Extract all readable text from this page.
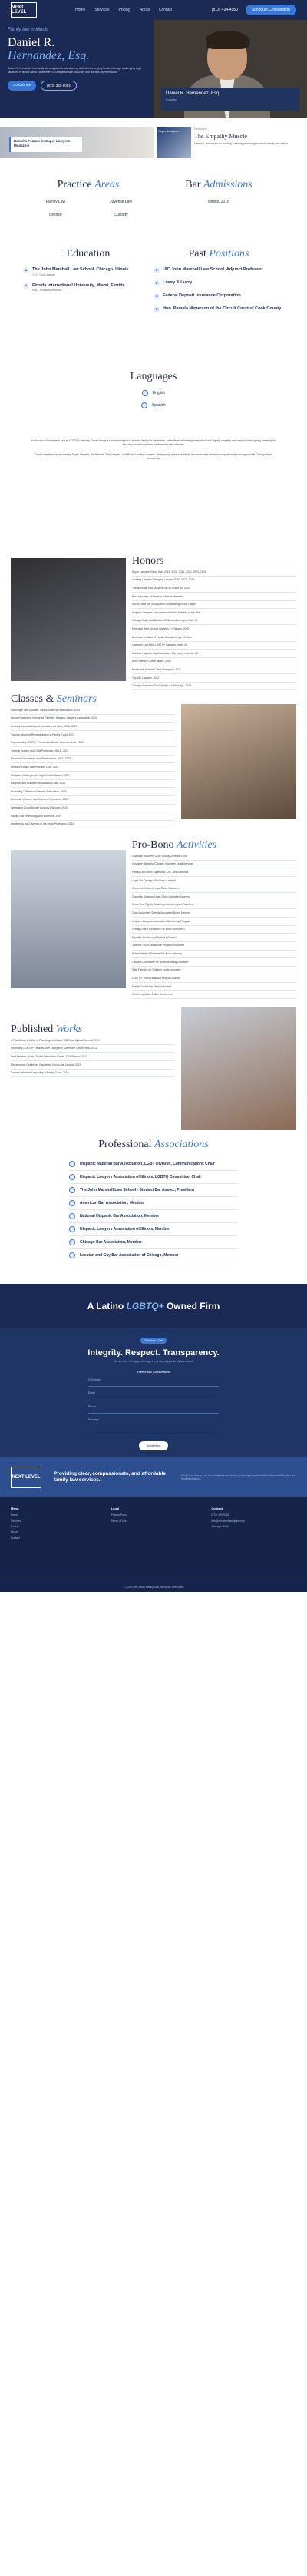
NEXT LEVEL
Home Services Pricing About Contact	(813) 424-4950	Schedule Consultation
Family law in Illinois
Daniel R.
Hernandez, Esq.
Daniel R. Hernandez is a family law and juvenile law attorney dedicated to helping families through challenging legal situations in Illinois with a commitment to compassionate advocacy and fearless representation.
Contact Me	(872) 320-0092
Daniel R. Hernandez, Esq.
Founder
Daniel's Feature in Super Lawyers Magazine
Super Lawyers	Publication
The Empathy Muscle
Daniel R. Hernandez on building a thriving practice grounded in family first values
Practice Areas
Family Law	Juvenile Law
Divorce	Custody
Bar Admissions
Illinois, 2016
Education
▲ The John Marshall Law School, Chicago, Illinois
J.D., Cum Laude
▲ Florida International University, Miami, Florida
B.A., Political Science
Past Positions
■	UIC John Marshall Law School, Adjunct Professor
■	Lowry & Lucry
■	Federal Deposit Insurance Corporation
■	Hon. Pamela Meyerson of the Circuit Court of Cook County
Languages
English
Spanish

As the son of immigrants and an LGBTQ+ attorney, Daniel brings a unique perspective to every family he represents. He believes in treating every client with dignity, empathy and respect while fighting tirelessly for the best possible outcome for them and their children.

Daniel has been recognized by Super Lawyers, the National Trial Lawyers, and Illinois Leading Lawyers. He regularly speaks on family law issues and mentors young attorneys throughout the Chicago legal community.

Honors
Super Lawyers Rising Star, 2019, 2020, 2021, 2022, 2023, 2024
Leading Lawyers Emerging Lawyer, 2020, 2021, 2022
The National Trial Lawyers Top 40 Under 40, 2021
Best Attorneys of America, Lifetime Member
Illinois State Bar Association Outstanding Young Lawyer
Hispanic Lawyers Association of Illinois Member of the Year
Chicago Daily Law Bulletin 40 Illinois Attorneys Under 40
Expertise Best Divorce Lawyers in Chicago, 2022
American Institute of Family Law Attorneys, 10 Best
Lavender Law Best LGBTQ+ Lawyers Under 40
National Hispanic Bar Association Top Lawyers Under 40
Avvo Clients' Choice Award, 2020
Martindale-Hubbell Client Champion, 2021
Top 100 Lawyers, 2022
Chicago Magazine Top Family Law Attorneys, 2023
Classes & Seminars
Parentage Law Updates, Illinois State Bar Association, 2019
Divorce Basics for Immigrant Families, Hispanic Lawyers Association, 2020
Custody Evaluations and Guardians ad Litem, CBA, 2020
Trauma Informed Representation in Family Court, 2021
Representing LGBTQ+ Families in Illinois, Lavender Law, 2021
Juvenile Justice and Child Protection, JMLS, 2021
Financial Disclosures and Maintenance, ISBA, 2022
Ethics in Family Law Practice, CBA, 2022
Mediation Strategies for High Conflict Cases, 2022
Adoption and Assisted Reproduction Law, 2023
Protecting Children in Parental Relocation, 2023
Domestic Violence and Orders of Protection, 2023
Navigating Cross Border Custody Disputes, 2024
Family Law Technology and Evidence, 2024
Leadership and Diversity in the Legal Profession, 2024
Pro-Bono Activities
Guardian ad Litem, Cook County Juvenile Court
Volunteer Attorney, Chicago Volunteer Legal Services
Family Law Clinic Supervisor, UIC John Marshall
Legal Aid Chicago, Pro Bono Counsel
Center on Halsted Legal Clinic Volunteer
Domestic Violence Legal Clinic Volunteer Attorney
Know Your Rights Workshops for Immigrant Families
Court Appointed Special Advocates Board Member
Hispanic Lawyers Association Mentorship Program
Chicago Bar Foundation Pro Bono Honor Roll
Equality Illinois Legal Advisory Council
Juvenile Court Assistance Program Volunteer
Kids in Need of Defense Pro Bono Attorney
Lawyers Committee for Better Housing Volunteer
Safe Families for Children Legal Volunteer
LGBTQ+ Youth Legal Aid Project Counsel
Family Court Help Desk Volunteer
Illinois Legal Aid Online Contributor
Published Works
A Practitioner's Guide to Parentage in Illinois, ISBA Family Law Journal, 2020
Protecting LGBTQ+ Families After Obergefell, Lavender Law Review, 2021
Best Interests of the Child in Relocation Cases, CBA Record, 2022
Maintenance Guidelines Explained, Illinois Bar Journal, 2023
Trauma Informed Lawyering in Family Court, 2024
Professional Associations
Hispanic National Bar Association, LGBT Division, Communications Chair
Hispanic Lawyers Association of Illinois, LGBTQ Committee, Chair
The John Marshall Law School - Student Bar Assoc., President
American Bar Association, Member
National Hispanic Bar Association, Member
Hispanic Lawyers Association of Illinois, Member
Chicago Bar Association, Member
Lesbian and Gay Bar Association of Chicago, Member
A Latino LGBTQ+ Owned Firm
Schedule a Call
Integrity. Respect. Transparency.
We are here to help you through every step of your family law matter.
Free Initial Consultation
Full Name
Email
Phone
Message
Send Now
NEXT LEVEL
Providing clear, compassionate, and affordable family law services.
Next Level Family Law is committed to providing quality legal representation at accessible rates for families in Illinois.
Menu
Home
Services
Pricing
About
Contact
Legal
Privacy Policy
Terms of Use
Contact
(872) 320-0092
info@nextlevelfamilylaw.com
Chicago, Illinois
© 2024 Next Level Family Law. All Rights Reserved.
